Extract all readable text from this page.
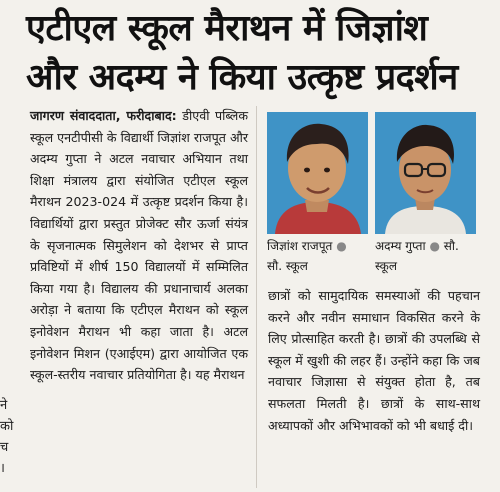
एटीएल स्कूल मैराथन में जिज्ञांश
और अदम्य ने किया उत्कृष्ट प्रदर्शन
ने
को
च
।
जागरण संवाददाता, फरीदाबाद: डीएवी पब्लिक स्कूल एनटीपीसी के विद्यार्थी जिज्ञांश राजपूत और अदम्य गुप्ता ने अटल नवाचार अभियान तथा शिक्षा मंत्रालय द्वारा संयोजित एटीएल स्कूल मैराथन 2023-024 में उत्कृष्ट प्रदर्शन किया है। विद्यार्थियों द्वारा प्रस्तुत प्रोजेक्ट सौर ऊर्जा संयंत्र के सृजनात्मक सिमुलेशन को देशभर से प्राप्त प्रविष्टियों में शीर्ष 150 विद्यालयों में सम्मिलित किया गया है। विद्यालय की प्रधानाचार्य अलका अरोड़ा ने बताया कि एटीएल मैराथन को स्कूल इनोवेशन मैराथन भी कहा जाता है। अटल इनोवेशन मिशन (एआईएम) द्वारा आयोजित एक स्कूल-स्तरीय नवाचार प्रतियोगिता है। यह मैराथन
जिज्ञांश राजपूत ●
सौ. स्कूल
अदम्य गुप्ता ● सौ. स्कूल
छात्रों को सामुदायिक समस्याओं की पहचान करने और नवीन समाधान विकसित करने के लिए प्रोत्साहित करती है। छात्रों की उपलब्धि से स्कूल में खुशी की लहर हैं। उन्होंने कहा कि जब नवाचार जिज्ञासा से संयुक्त होता है, तब सफलता मिलती है। छात्रों के साथ-साथ अध्यापकों और अभिभावकों को भी बधाई दी।
